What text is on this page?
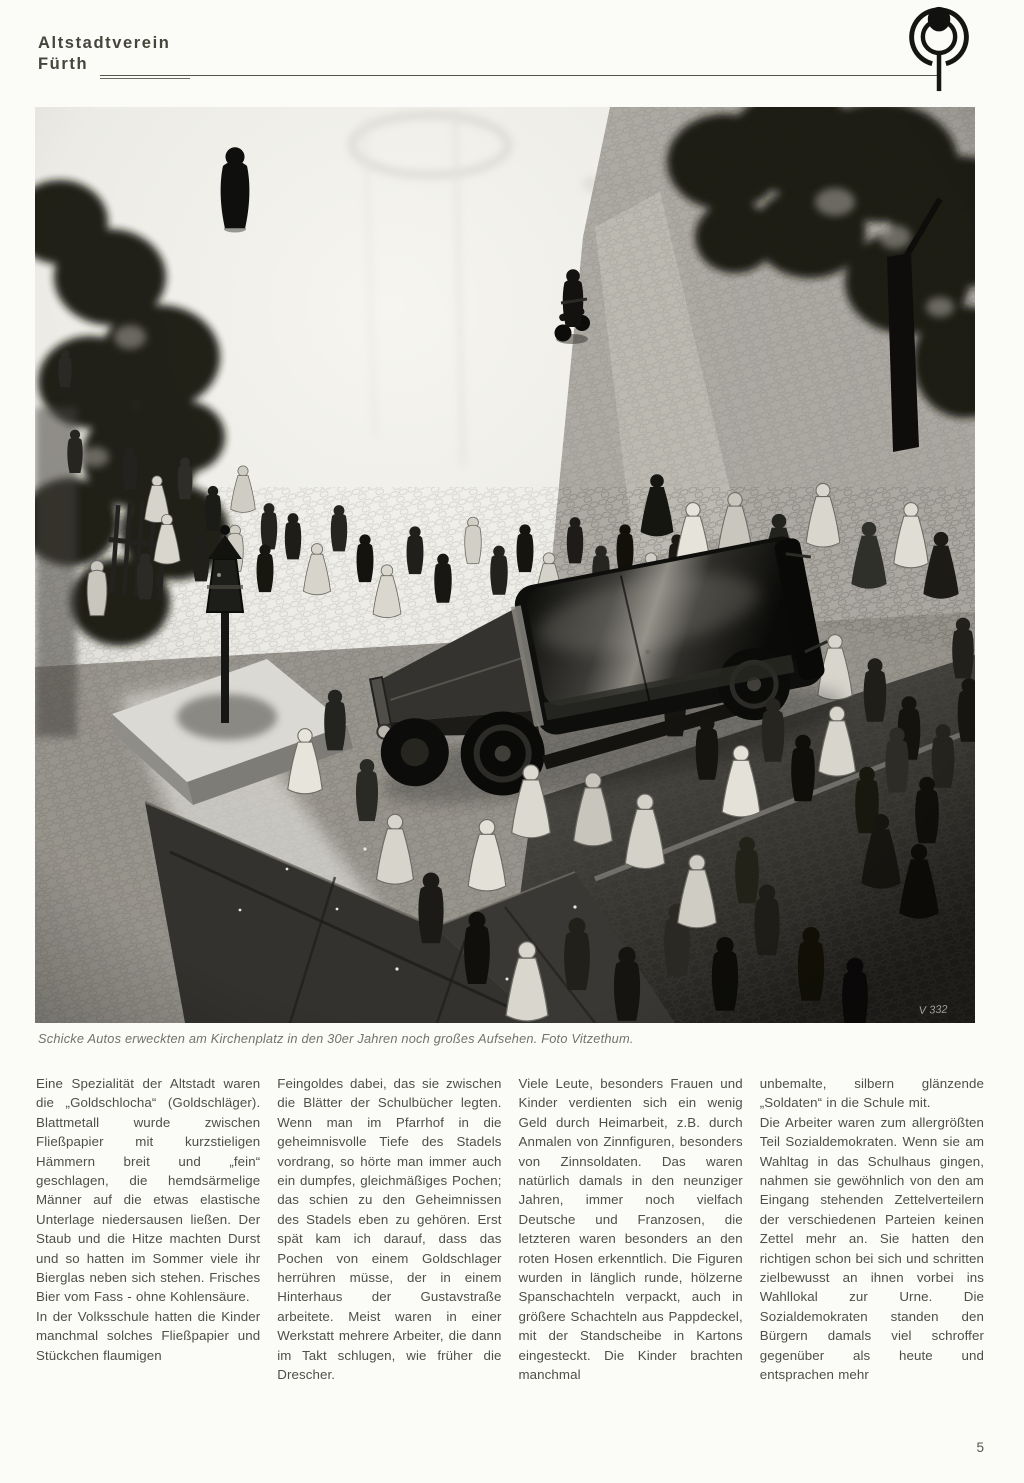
Altstadtverein
Fürth
Schicke Autos erweckten am Kirchenplatz in den 30er Jahren noch großes Aufsehen. Foto Vitzethum.

Eine Spezialität der Altstadt waren die „Goldschlocha“ (Goldschläger). Blattmetall wurde zwischen Fließpapier mit kurzstieligen Hämmern breit und „fein“ geschlagen, die hemdsärmelige Männer auf die etwas elastische Unterlage niedersausen ließen. Der Staub und die Hitze machten Durst und so hatten im Sommer viele ihr Bierglas neben sich stehen. Frisches Bier vom Fass - ohne Kohlensäure.

In der Volksschule hatten die Kinder manchmal solches Fließpapier und Stückchen flaumigen

Feingoldes dabei, das sie zwischen die Blätter der Schulbücher legten. Wenn man im Pfarrhof in die geheimnisvolle Tiefe des Stadels vordrang, so hörte man immer auch ein dumpfes, gleichmäßiges Pochen; das schien zu den Geheimnissen des Stadels eben zu gehören. Erst spät kam ich darauf, dass das Pochen von einem Goldschlager herrühren müsse, der in einem Hinterhaus der Gustavstraße arbeitete. Meist waren in einer Werkstatt mehrere Arbeiter, die dann im Takt schlugen, wie früher die Drescher.

Viele Leute, besonders Frauen und Kinder verdienten sich ein wenig Geld durch Heimarbeit, z.B. durch Anmalen von Zinnfiguren, besonders von Zinnsoldaten. Das waren natürlich damals in den neunziger Jahren, immer noch vielfach Deutsche und Franzosen, die letzteren waren besonders an den roten Hosen erkenntlich. Die Figuren wurden in länglich runde, hölzerne Spanschachteln verpackt, auch in größere Schachteln aus Pappdeckel, mit der Standscheibe in Kartons eingesteckt. Die Kinder brachten manchmal

unbemalte, silbern glänzende „Soldaten“ in die Schule mit.

Die Arbeiter waren zum allergrößten Teil Sozialdemokraten. Wenn sie am Wahltag in das Schulhaus gingen, nahmen sie gewöhnlich von den am Eingang stehenden Zettelverteilern der verschiedenen Parteien keinen Zettel mehr an. Sie hatten den richtigen schon bei sich und schritten zielbewusst an ihnen vorbei ins Wahllokal zur Urne. Die Sozialdemokraten standen den Bürgern damals viel schroffer gegenüber als heute und entsprachen mehr

5
